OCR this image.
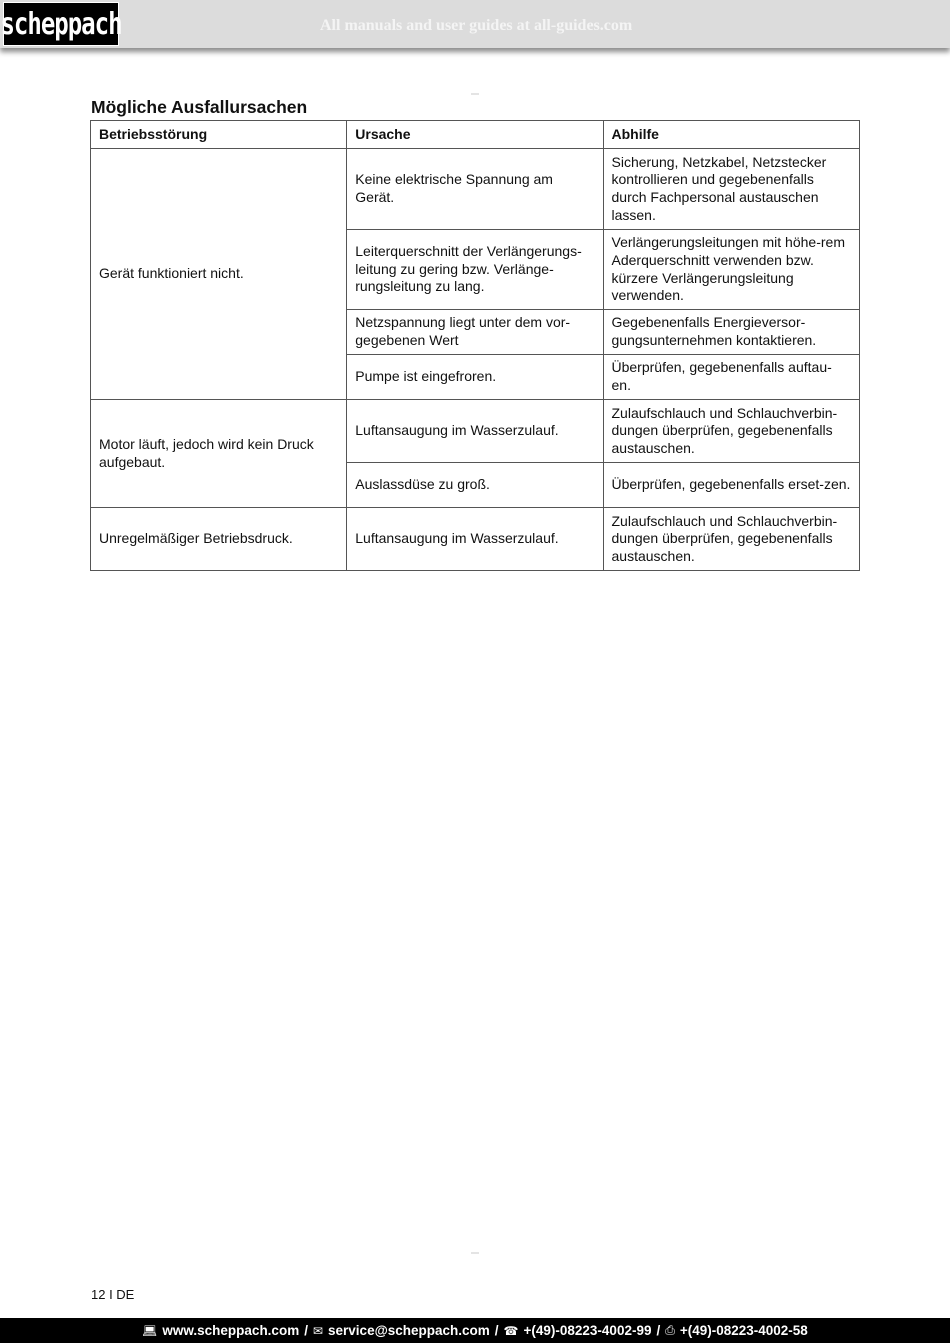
scheppach	All manuals and user guides at all-guides.com
Mögliche Ausfallursachen
Betriebsstörung	Ursache	Abhilfe
Gerät funktioniert nicht.	Keine elektrische Spannung am Gerät.	Sicherung, Netzkabel, Netzstecker kontrollieren und gegebenenfalls durch Fachpersonal austauschen lassen.
	Leiterquerschnitt der Verlängerungs-leitung zu gering bzw. Verlänge-rungsleitung zu lang.	Verlängerungsleitungen mit höhe-rem Aderquerschnitt verwenden bzw. kürzere Verlängerungsleitung verwenden.
	Netzspannung liegt unter dem vor-gegebenen Wert	Gegebenenfalls Energieversor-gungsunternehmen kontaktieren.
	Pumpe ist eingefroren.	Überprüfen, gegebenenfalls auftau-en.
Motor läuft, jedoch wird kein Druck aufgebaut.	Luftansaugung im Wasserzulauf.	Zulaufschlauch und Schlauchverbin-dungen überprüfen, gegebenenfalls austauschen.
	Auslassdüse zu groß.	Überprüfen, gegebenenfalls erset-zen.
Unregelmäßiger Betriebsdruck.	Luftansaugung im Wasserzulauf.	Zulaufschlauch und Schlauchverbin-dungen überprüfen, gegebenenfalls austauschen.
12 I DE
💻︎ www.scheppach.com / ✉ service@scheppach.com / ☎ +(49)-08223-4002-99 / ⎙ +(49)-08223-4002-58
